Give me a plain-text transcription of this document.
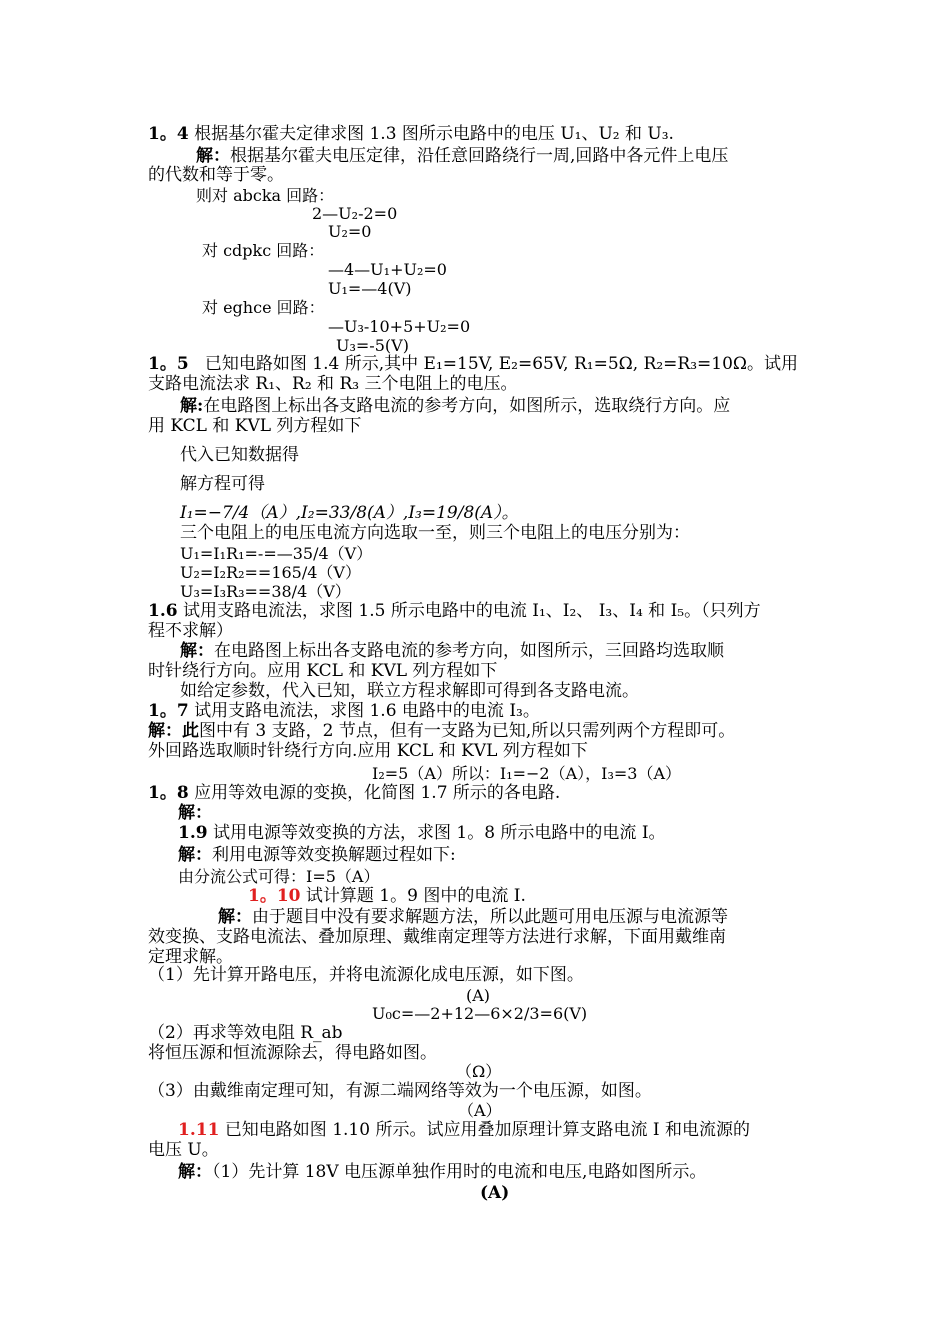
1。4 根据基尔霍夫定律求图 1.3 图所示电路中的电压 U₁、U₂ 和 U₃.
解：根据基尔霍夫电压定律，沿任意回路绕行一周,回路中各元件上电压
的代数和等于零。
则对 abcka 回路：
2—U₂-2=0
U₂=0
对 cdpkc 回路：
—4—U₁+U₂=0
U₁=—4(V)
对 eghce 回路：
—U₃-10+5+U₂=0
U₃=-5(V)
1。5 已知电路如图 1.4 所示,其中 E₁=15V, E₂=65V, R₁=5Ω, R₂=R₃=10Ω。试用
支路电流法求 R₁、R₂ 和 R₃ 三个电阻上的电压。
解:在电路图上标出各支路电流的参考方向，如图所示，选取绕行方向。应
用 KCL 和 KVL 列方程如下
代入已知数据得
解方程可得
I₁=−7/4（A）,I₂=33/8(A）,I₃=19/8(A）。
三个电阻上的电压电流方向选取一至，则三个电阻上的电压分别为：
U₁=I₁R₁=-=—35/4（V）
U₂=I₂R₂==165/4（V）
U₃=I₃R₃==38/4（V）
1.6 试用支路电流法，求图 1.5 所示电路中的电流 I₁、I₂、 I₃、I₄ 和 I₅。（只列方
程不求解）
解：在电路图上标出各支路电流的参考方向，如图所示，三回路均选取顺
时针绕行方向。应用 KCL 和 KVL 列方程如下
如给定参数，代入已知，联立方程求解即可得到各支路电流。
1。7 试用支路电流法，求图 1.6 电路中的电流 I₃。
解：此图中有 3 支路，2 节点，但有一支路为已知,所以只需列两个方程即可。
外回路选取顺时针绕行方向.应用 KCL 和 KVL 列方程如下
I₂=5（A）所以：I₁=−2（A），I₃=3（A）
1。8 应用等效电源的变换，化简图 1.7 所示的各电路.
解：
1.9 试用电源等效变换的方法，求图 1。8 所示电路中的电流 I。
解：利用电源等效变换解题过程如下:
由分流公式可得：I=5（A）
1。10 试计算题 1。9 图中的电流 I.
解：由于题目中没有要求解题方法，所以此题可用电压源与电流源等
效变换、支路电流法、叠加原理、戴维南定理等方法进行求解，下面用戴维南
定理求解。
（1）先计算开路电压，并将电流源化成电压源，如下图。
(A)
U₀c=—2+12—6×2/3=6(V)
（2）再求等效电阻 R_ab
将恒压源和恒流源除去，得电路如图。
（Ω）
（3）由戴维南定理可知，有源二端网络等效为一个电压源，如图。
（A）
1.11 已知电路如图 1.10 所示。试应用叠加原理计算支路电流 I 和电流源的
电压 U。
解：（1）先计算 18V 电压源单独作用时的电流和电压,电路如图所示。
(A)
